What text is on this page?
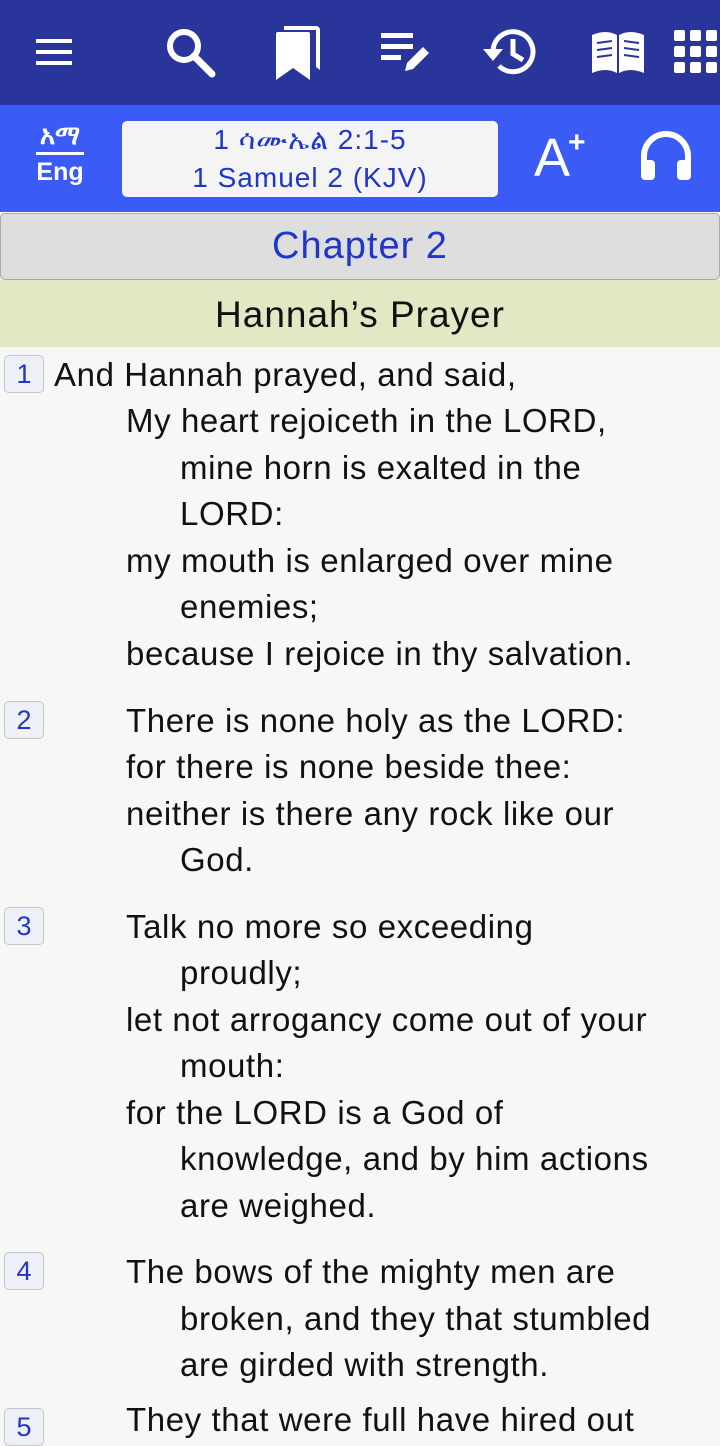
አማ
Eng
1 ሳሙኤል 2:1-5
1 Samuel 2 (KJV)	A
+
Chapter 2
Hannah’s Prayer
1 And Hannah prayed, and said,
My heart rejoiceth in the LORD,
mine horn is exalted in the
LORD:
my mouth is enlarged over mine
enemies;
because I rejoice in thy salvation.
2	There is none holy as the LORD:
for there is none beside thee:
neither is there any rock like our
God.
3	Talk no more so exceeding
proudly;
let not arrogancy come out of your
mouth:
for the LORD is a God of
knowledge, and by him actions
are weighed.
4	The bows of the mighty men are
broken, and they that stumbled
are girded with strength.
5	They that were full have hired out
